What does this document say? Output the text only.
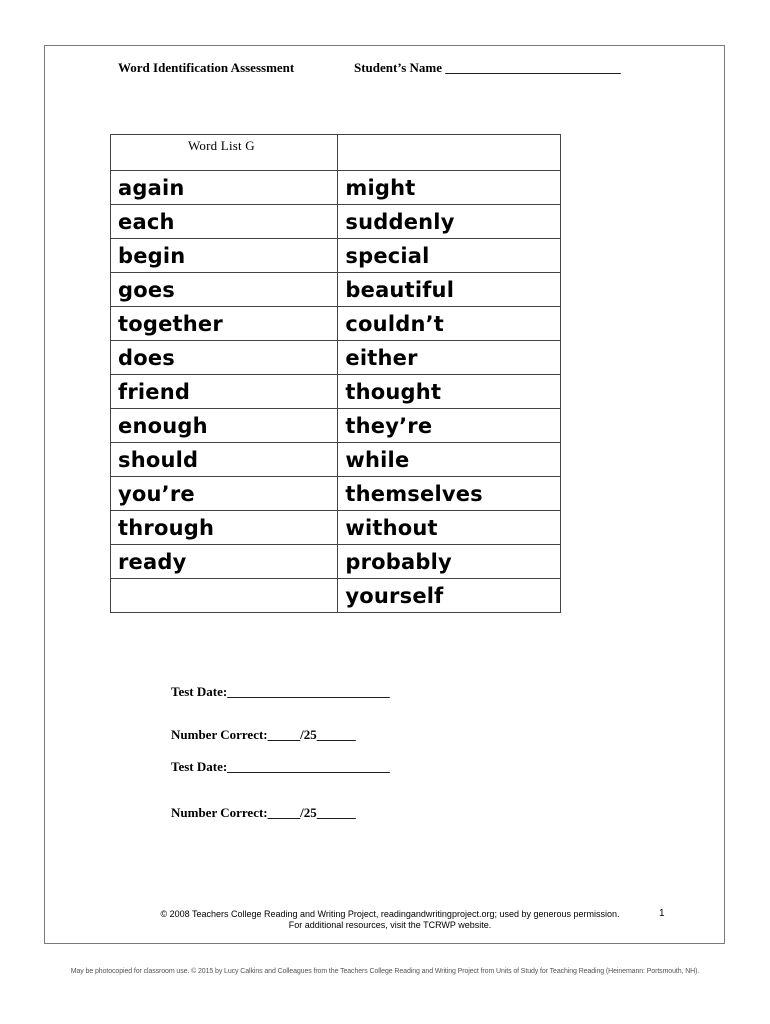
Word Identification Assessment	Student’s Name ___________________________
Word List G	
again	might
each	suddenly
begin	special
goes	beautiful
together	couldn’t
does	either
friend	thought
enough	they’re
should	while
you’re	themselves
through	without
ready	probably
	yourself
Test Date:_________________________
Number Correct:_____/25______
Test Date:_________________________
Number Correct:_____/25______
© 2008 Teachers College Reading and Writing Project, readingandwritingproject.org; used by generous permission.
For additional resources, visit the TCRWP website.
1
May be photocopied for classroom use. © 2015 by Lucy Calkins and Colleagues from the Teachers College Reading and Writing Project from Units of Study for Teaching Reading (Heinemann: Portsmouth, NH).
